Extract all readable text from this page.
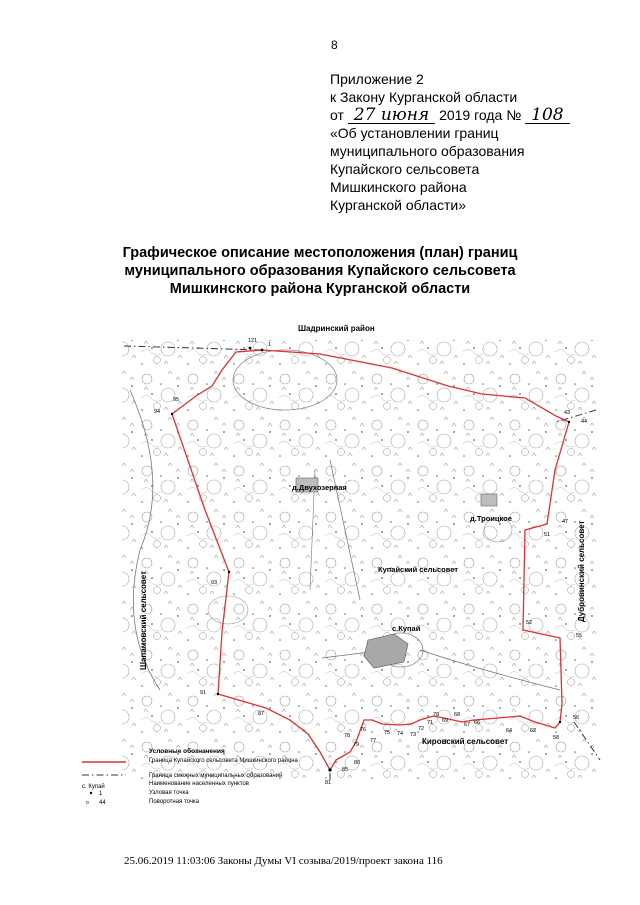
8
Приложение 2
к Закону Курганской области
от 27 июня 2019 года № 108
«Об установлении границ
муниципального образования
Купайского сельсовета
Мишкинского района
Курганской области»
Графическое описание местоположения (план) границ
муниципального образования Купайского сельсовета
Мишкинского района Курганской области
121
1
95
94
93
91
87
85
81
80
79
78
77
76	75 74 73
72
71
70
69
68
67 66
64	62
58
56
55
52
51
47
44
43
Шадринский район
Шапамовский сельсовет	Дубровинский сельсовет
Кировский сельсовет
Купайский сельсовет
д.Двухозерная
д.Троицкое
с.Купай
Условные обозначения
Граница Купайского сельсовета Мишкинского района
Граница смежных муниципальных образований
с. Купай	Наименование населенных пунктов
1	Узловая точка
o 44	Поворотная точка
25.06.2019 11:03:06 Законы Думы VI созыва/2019/проект закона 116
